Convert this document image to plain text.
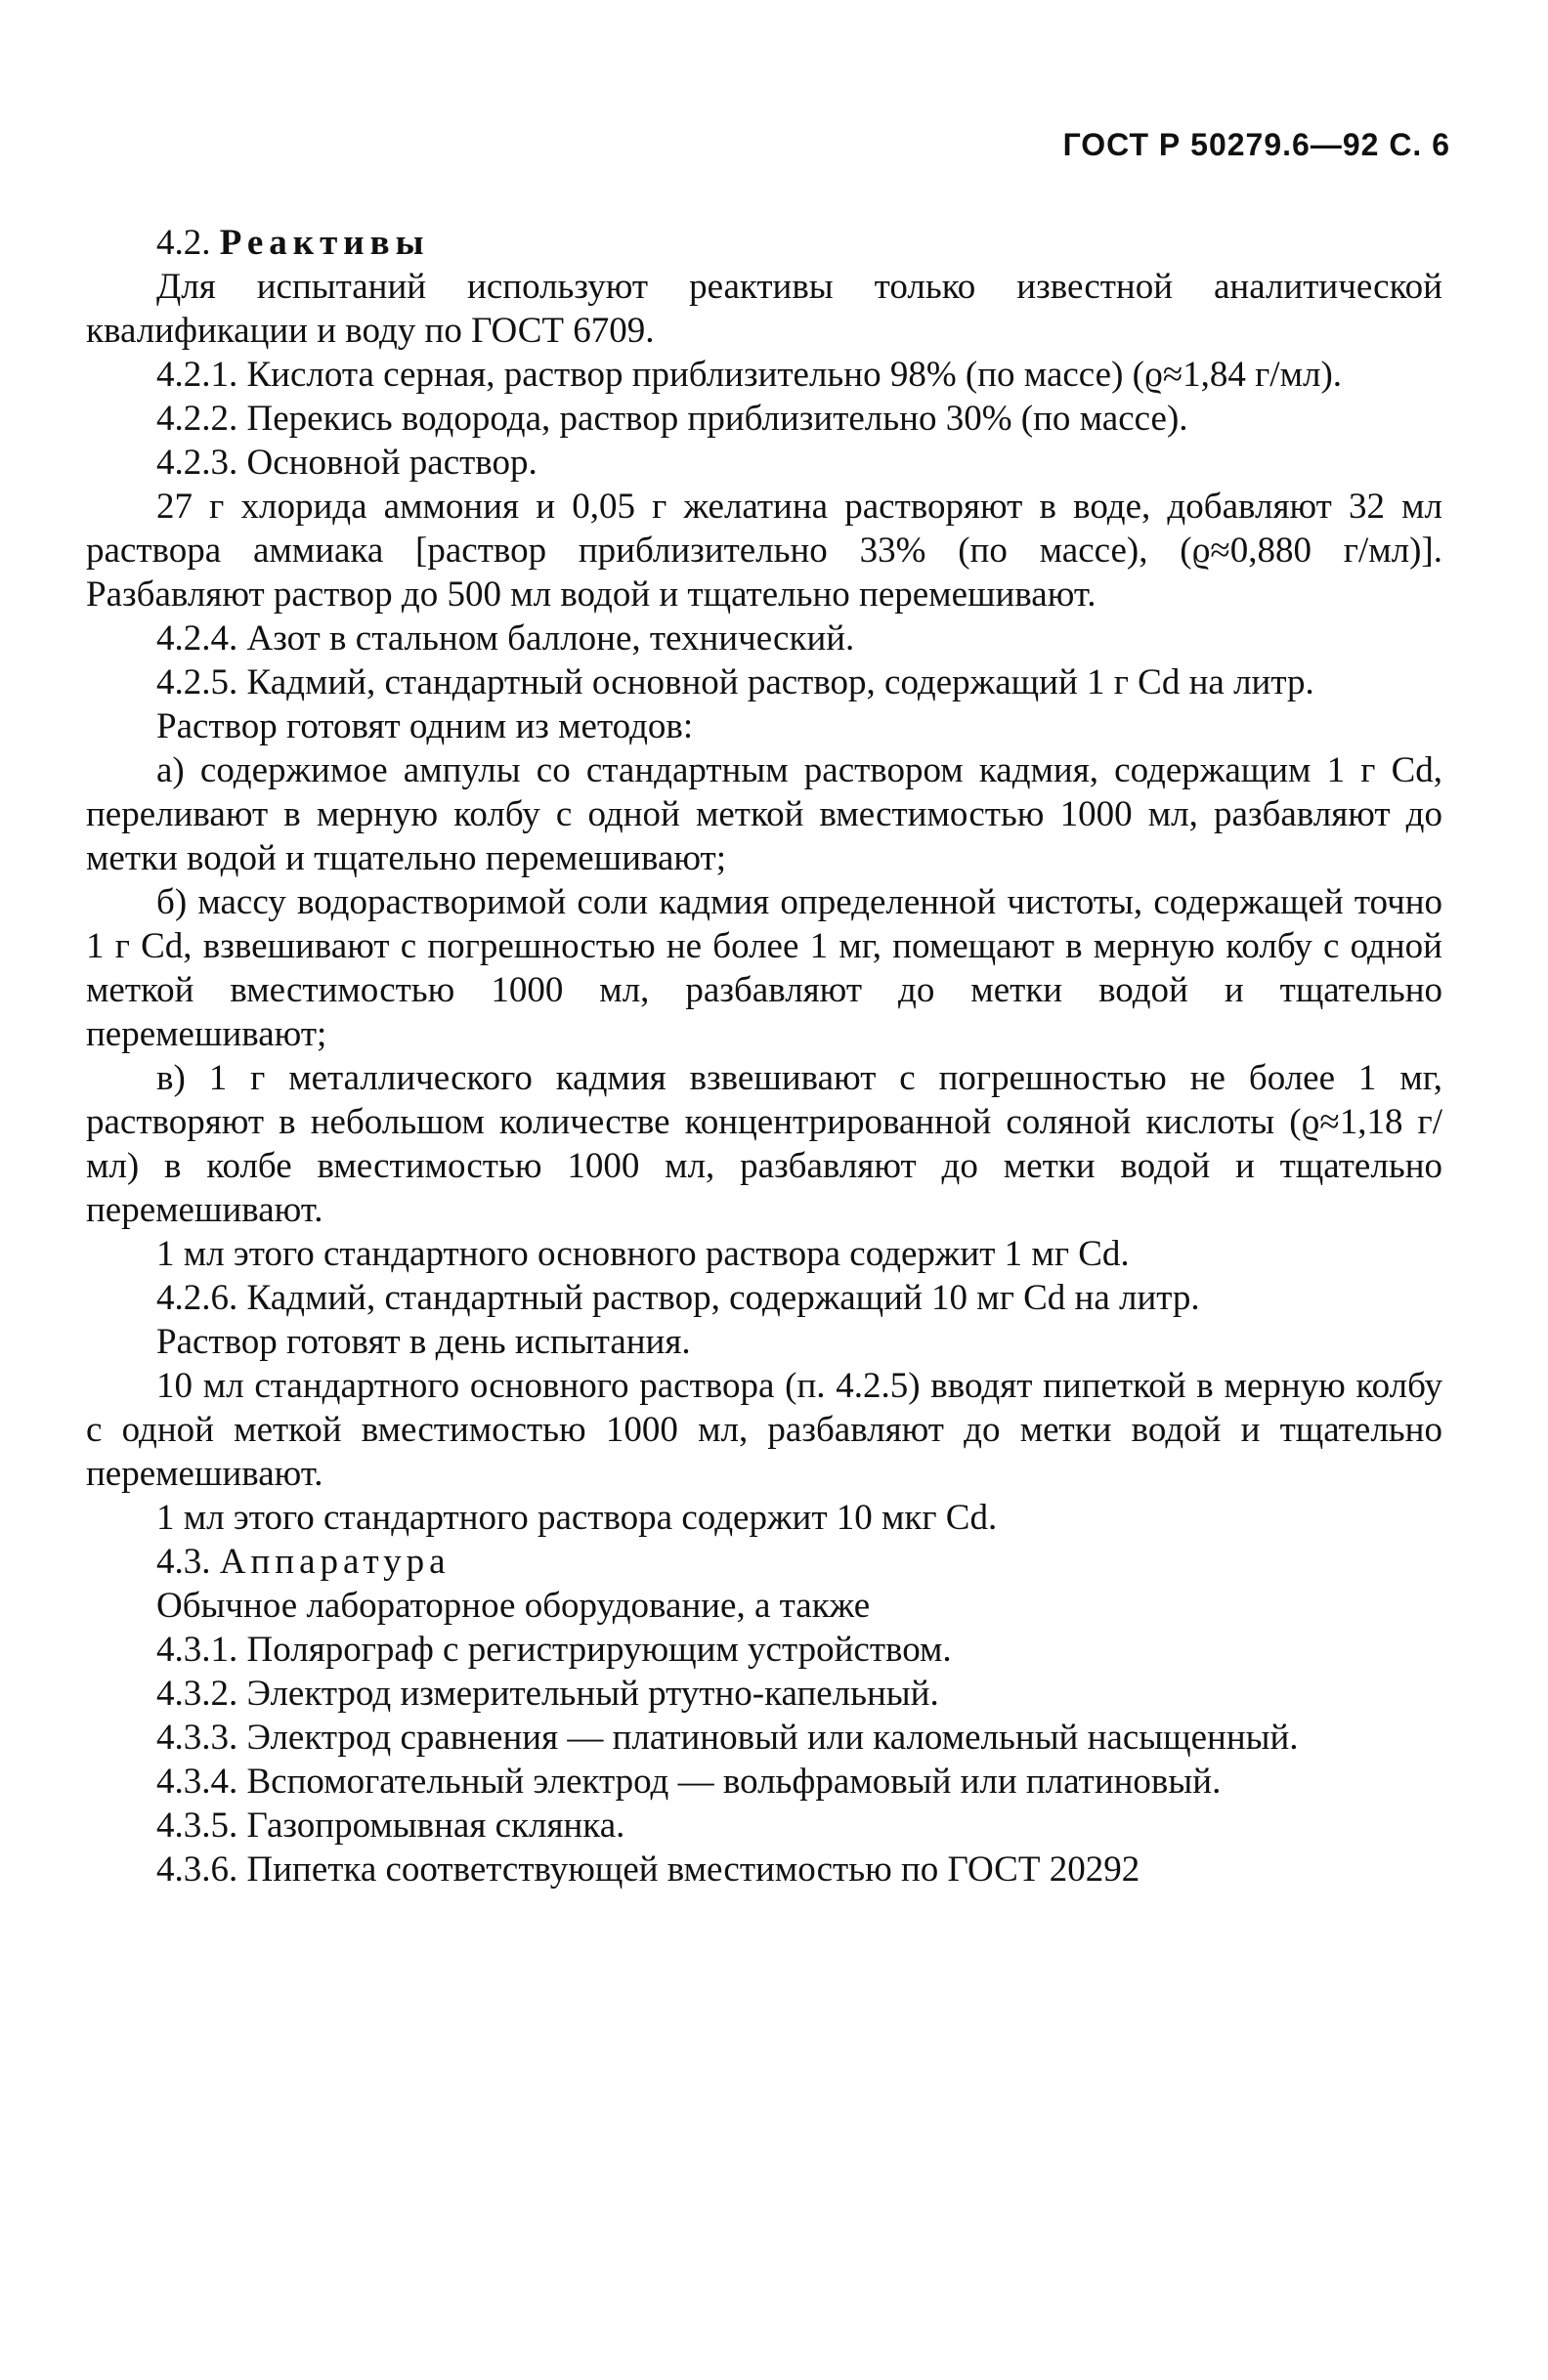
ГОСТ Р 50279.6—92 С. 6

4.2. Реактивы

Для испытаний используют реактивы только известной аналитической квалификации и воду по ГОСТ 6709.

4.2.1. Кислота серная, раствор приблизительно 98% (по массе) (ϱ≈1,84 г/мл).

4.2.2. Перекись водорода, раствор приблизительно 30% (по массе).

4.2.3. Основной раствор.

27 г хлорида аммония и 0,05 г желатина растворяют в воде, добавляют 32 мл раствора аммиака [раствор приблизительно 33% (по массе), (ϱ≈0,880 г/мл)]. Разбавляют раствор до 500 мл водой и тщательно перемешивают.

4.2.4. Азот в стальном баллоне, технический.

4.2.5. Кадмий, стандартный основной раствор, содержащий 1 г Cd на литр.

Раствор готовят одним из методов:

а) содержимое ампулы со стандартным раствором кадмия, содержащим 1 г Cd, переливают в мерную колбу с одной меткой вместимостью 1000 мл, разбавляют до метки водой и тщательно перемешивают;

б) массу водорастворимой соли кадмия определенной чистоты, содержащей точно 1 г Cd, взвешивают с погрешностью не более 1 мг, помещают в мерную колбу с одной меткой вместимостью 1000 мл, разбавляют до метки водой и тщательно перемешивают;

в) 1 г металлического кадмия взвешивают с погрешностью не более 1 мг, растворяют в небольшом количестве концентрированной соляной кислоты (ϱ≈1,18 г/мл) в колбе вместимостью 1000 мл, разбавляют до метки водой и тщательно перемешивают.

1 мл этого стандартного основного раствора содержит 1 мг Cd.

4.2.6. Кадмий, стандартный раствор, содержащий 10 мг Cd на литр.

Раствор готовят в день испытания.

10 мл стандартного основного раствора (п. 4.2.5) вводят пипеткой в мерную колбу с одной меткой вместимостью 1000 мл, разбавляют до метки водой и тщательно перемешивают.

1 мл этого стандартного раствора содержит 10 мкг Cd.

4.3. Аппаратура

Обычное лабораторное оборудование, а также

4.3.1. Полярограф с регистрирующим устройством.

4.3.2. Электрод измерительный ртутно-капельный.

4.3.3. Электрод сравнения — платиновый или каломельный насыщенный.

4.3.4. Вспомогательный электрод — вольфрамовый или платиновый.

4.3.5. Газопромывная склянка.

4.3.6. Пипетка соответствующей вместимостью по ГОСТ 20292
